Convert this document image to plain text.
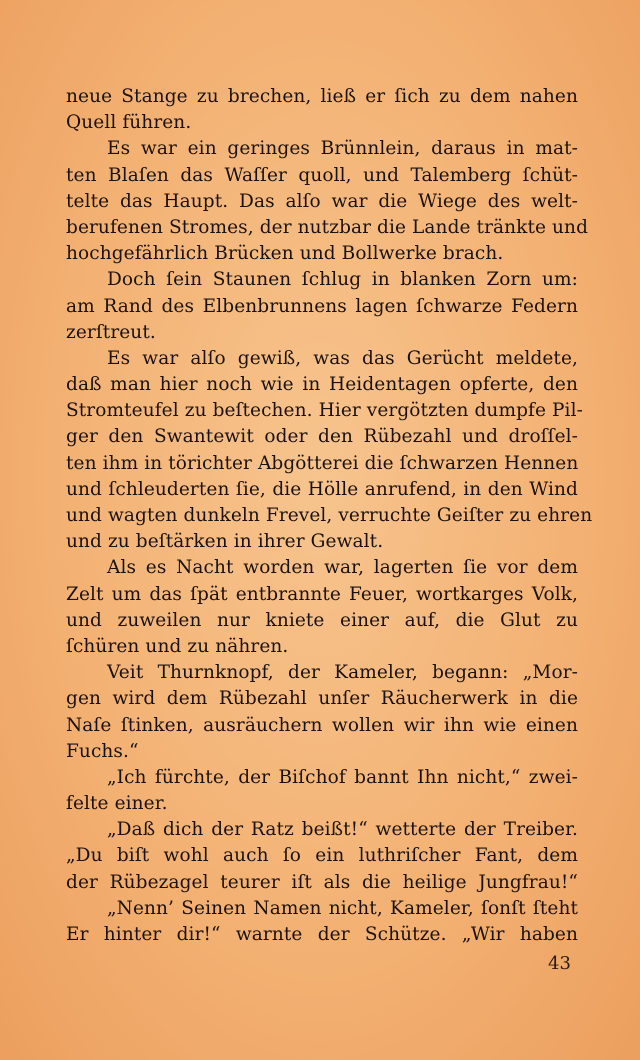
neue Stange zu brechen, ließ er ſich zu dem nahen
Quell führen.
Es war ein geringes Brünnlein, daraus in mat-
ten Blaſen das Waſſer quoll, und Talemberg ſchüt-
telte das Haupt. Das alſo war die Wiege des welt-
berufenen Stromes, der nutzbar die Lande tränkte und
hochgefährlich Brücken und Bollwerke brach.
Doch ſein Staunen ſchlug in blanken Zorn um:
am Rand des Elbenbrunnens lagen ſchwarze Federn
zerſtreut.
Es war alſo gewiß, was das Gerücht meldete,
daß man hier noch wie in Heidentagen opferte, den
Stromteufel zu beſtechen. Hier vergötzten dumpfe Pil-
ger den Swantewit oder den Rübezahl und droſſel-
ten ihm in törichter Abgötterei die ſchwarzen Hennen
und ſchleuderten ſie, die Hölle anrufend, in den Wind
und wagten dunkeln Frevel, verruchte Geiſter zu ehren
und zu beſtärken in ihrer Gewalt.
Als es Nacht worden war, lagerten ſie vor dem
Zelt um das ſpät entbrannte Feuer, wortkarges Volk,
und zuweilen nur kniete einer auf, die Glut zu
ſchüren und zu nähren.
Veit Thurnknopf, der Kameler, begann: „Mor-
gen wird dem Rübezahl unſer Räucherwerk in die
Naſe ſtinken, ausräuchern wollen wir ihn wie einen
Fuchs.“
„Ich fürchte, der Biſchof bannt Ihn nicht,“ zwei-
felte einer.
„Daß dich der Ratz beißt!“ wetterte der Treiber.
„Du biſt wohl auch ſo ein luthriſcher Fant, dem
der Rübezagel teurer iſt als die heilige Jungfrau!“
„Nenn’ Seinen Namen nicht, Kameler, ſonſt ſteht
Er hinter dir!“ warnte der Schütze. „Wir haben
43
